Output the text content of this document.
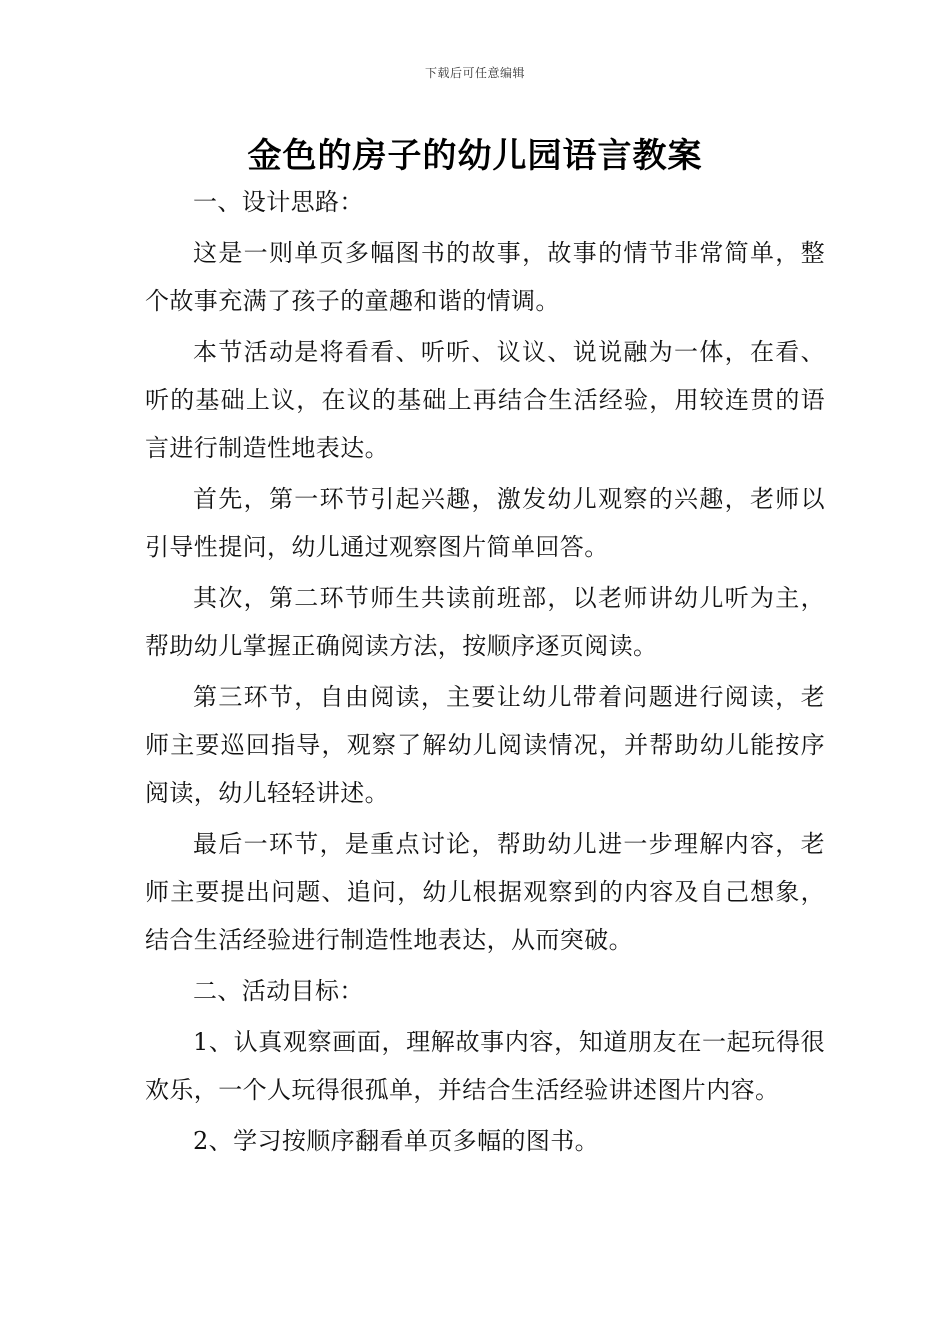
下载后可任意编辑
金色的房子的幼儿园语言教案

一、设计思路：

这是一则单页多幅图书的故事，故事的情节非常简单，整个故事充满了孩子的童趣和谐的情调。

本节活动是将看看、听听、议议、说说融为一体，在看、听的基础上议，在议的基础上再结合生活经验，用较连贯的语言进行制造性地表达。

首先，第一环节引起兴趣，激发幼儿观察的兴趣，老师以引导性提问，幼儿通过观察图片简单回答。

其次，第二环节师生共读前班部，以老师讲幼儿听为主，帮助幼儿掌握正确阅读方法，按顺序逐页阅读。

第三环节，自由阅读，主要让幼儿带着问题进行阅读，老师主要巡回指导，观察了解幼儿阅读情况，并帮助幼儿能按序阅读，幼儿轻轻讲述。

最后一环节，是重点讨论，帮助幼儿进一步理解内容，老师主要提出问题、追问，幼儿根据观察到的内容及自己想象，结合生活经验进行制造性地表达，从而突破。

二、活动目标：

1、认真观察画面，理解故事内容，知道朋友在一起玩得很欢乐，一个人玩得很孤单，并结合生活经验讲述图片内容。

2、学习按顺序翻看单页多幅的图书。
